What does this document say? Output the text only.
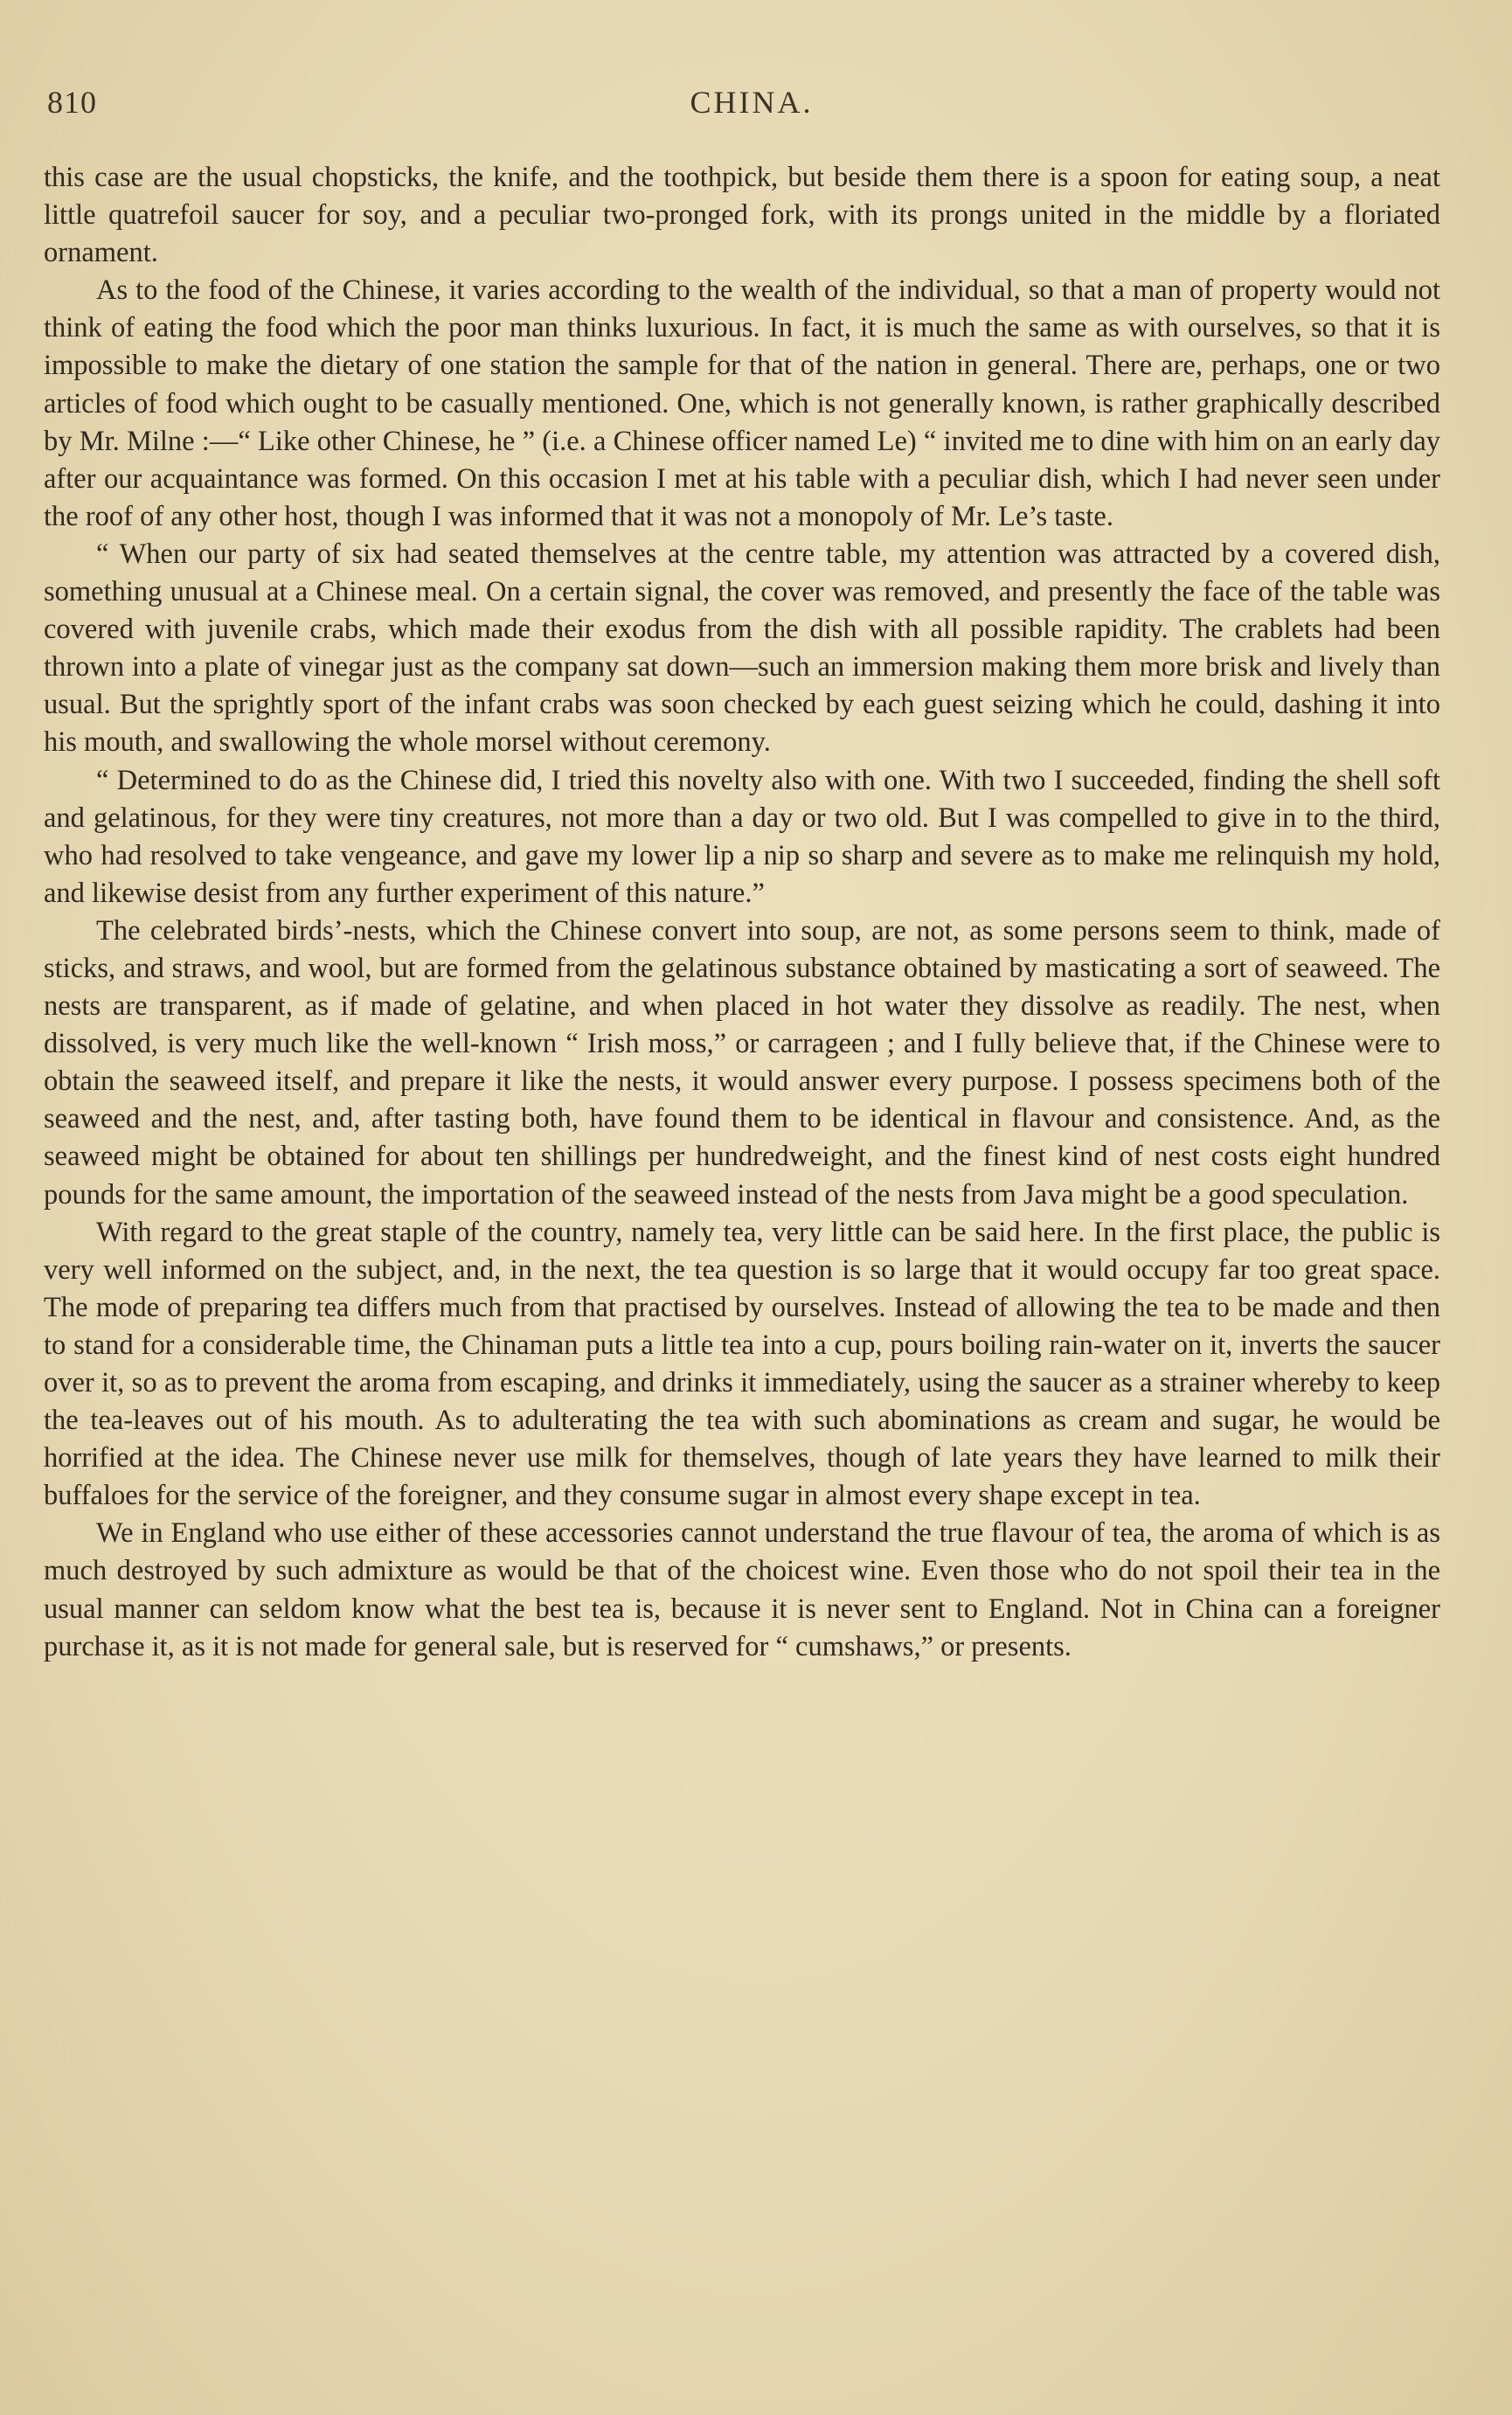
810	CHINA.

this case are the usual chopsticks, the knife, and the toothpick, but beside them there is a spoon for eating soup, a neat little quatrefoil saucer for soy, and a peculiar two-pronged fork, with its prongs united in the middle by a floriated ornament.

As to the food of the Chinese, it varies according to the wealth of the individual, so that a man of property would not think of eating the food which the poor man thinks luxurious. In fact, it is much the same as with ourselves, so that it is impossible to make the dietary of one station the sample for that of the nation in general. There are, perhaps, one or two articles of food which ought to be casually mentioned. One, which is not generally known, is rather graphically described by Mr. Milne :—“ Like other Chinese, he ” (i.e. a Chinese officer named Le) “ invited me to dine with him on an early day after our acquaintance was formed. On this occasion I met at his table with a peculiar dish, which I had never seen under the roof of any other host, though I was informed that it was not a monopoly of Mr. Le’s taste.

“ When our party of six had seated themselves at the centre table, my attention was attracted by a covered dish, something unusual at a Chinese meal. On a certain signal, the cover was removed, and presently the face of the table was covered with juvenile crabs, which made their exodus from the dish with all possible rapidity. The crablets had been thrown into a plate of vinegar just as the company sat down—such an immersion making them more brisk and lively than usual. But the sprightly sport of the infant crabs was soon checked by each guest seizing which he could, dashing it into his mouth, and swallowing the whole morsel without ceremony.

“ Determined to do as the Chinese did, I tried this novelty also with one. With two I succeeded, finding the shell soft and gelatinous, for they were tiny creatures, not more than a day or two old. But I was compelled to give in to the third, who had resolved to take vengeance, and gave my lower lip a nip so sharp and severe as to make me relinquish my hold, and likewise desist from any further experiment of this nature.”

The celebrated birds’-nests, which the Chinese convert into soup, are not, as some persons seem to think, made of sticks, and straws, and wool, but are formed from the gelatinous substance obtained by masticating a sort of seaweed. The nests are transparent, as if made of gelatine, and when placed in hot water they dissolve as readily. The nest, when dissolved, is very much like the well-known “ Irish moss,” or carrageen ; and I fully believe that, if the Chinese were to obtain the seaweed itself, and prepare it like the nests, it would answer every purpose. I possess specimens both of the seaweed and the nest, and, after tasting both, have found them to be identical in flavour and consistence. And, as the seaweed might be obtained for about ten shillings per hundredweight, and the finest kind of nest costs eight hundred pounds for the same amount, the importation of the seaweed instead of the nests from Java might be a good speculation.

With regard to the great staple of the country, namely tea, very little can be said here. In the first place, the public is very well informed on the subject, and, in the next, the tea question is so large that it would occupy far too great space. The mode of preparing tea differs much from that practised by ourselves. Instead of allowing the tea to be made and then to stand for a considerable time, the Chinaman puts a little tea into a cup, pours boiling rain-water on it, inverts the saucer over it, so as to prevent the aroma from escaping, and drinks it immediately, using the saucer as a strainer whereby to keep the tea-leaves out of his mouth. As to adulterating the tea with such abominations as cream and sugar, he would be horrified at the idea. The Chinese never use milk for themselves, though of late years they have learned to milk their buffaloes for the service of the foreigner, and they consume sugar in almost every shape except in tea.

We in England who use either of these accessories cannot understand the true flavour of tea, the aroma of which is as much destroyed by such admixture as would be that of the choicest wine. Even those who do not spoil their tea in the usual manner can seldom know what the best tea is, because it is never sent to England. Not in China can a foreigner purchase it, as it is not made for general sale, but is reserved for “ cumshaws,” or presents.
